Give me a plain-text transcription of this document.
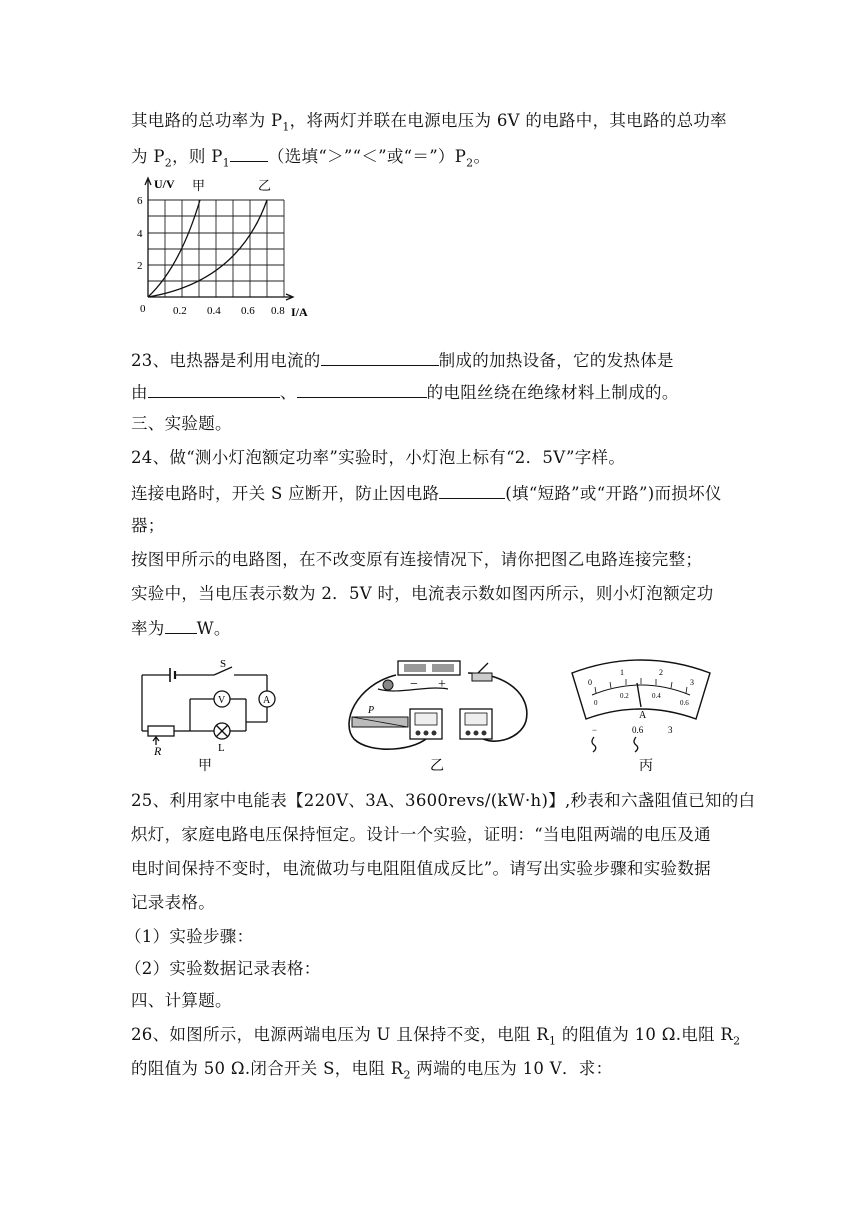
其电路的总功率为 $P_1$，将两灯并联在电源电压为 6V 的电路中，其电路的总功率
为 $P_2$，则 $P_1$ （选填“＞”“＜”或“$=”)P_2$。
U/V 甲	乙
6
4
2
0	0.2 0.4 0.6 0.8 I/A
23、电热器是利用电流的	制成的加热设备，它的发热体是
由	、	的电阻丝绕在绝缘材料上制成的。
三、实验题。
24、做“测小灯泡额定功率”实验时，小灯泡上标有“2．5V”字样。
连接电路时，开关 S 应断开，防止因电路	(填“短路”或“开路”)而损坏仪
器；
按图甲所示的电路图，在不改变原有连接情况下，请你把图乙电路连接完整；
实验中，当电压表示数为 2．5V 时，电流表示数如图丙所示，则小灯泡额定功
率为 W。
S
V	A
R	L
甲
− +
P
乙
0
1	2
3
0
0.2	0.4
0.6
A
−	0.6	3
丙
25、利用家中电能表【220V、3A、3600revs/(kW·h)】,秒表和六盏阻值已知的白
炽灯，家庭电路电压保持恒定。设计一个实验，证明：“当电阻两端的电压及通
电时间保持不变时，电流做功与电阻阻值成反比”。请写出实验步骤和实验数据
记录表格。
（1）实验步骤：
（2）实验数据记录表格：
四、计算题。
26、如图所示，电源两端电压为 U 且保持不变，电阻 $R_1$ 的阻值为 10 Ω.电阻 $R_2$
的阻值为 50 Ω.闭合开关 S，电阻 $R_2$ 两端的电压为 10 V．求：
